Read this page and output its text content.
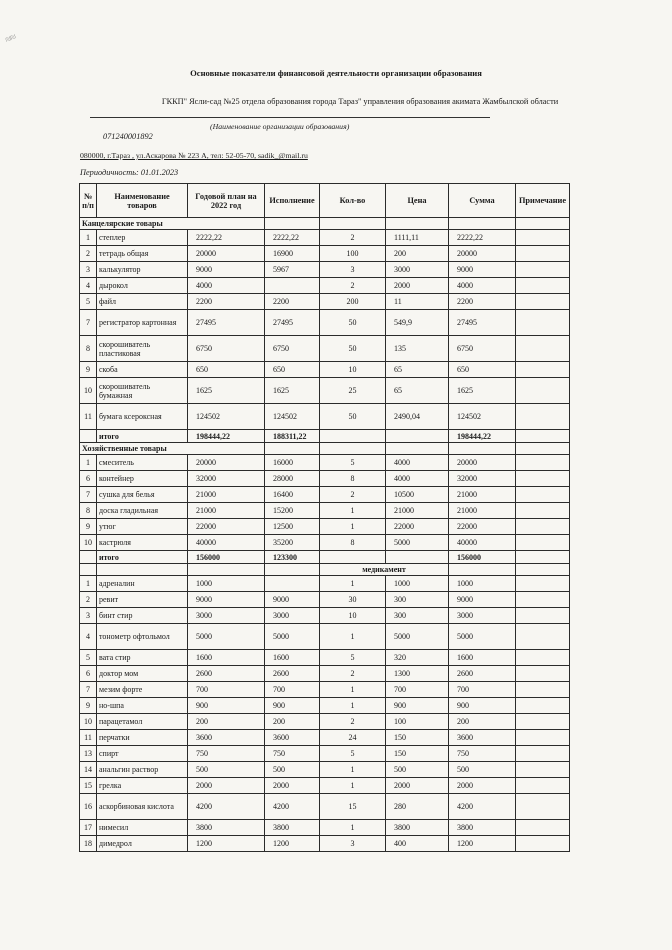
≈≈
Основные показатели финансовой деятельности организации образования
ГККП" Ясли-сад №25 отдела образования города Тараз" управления образования акимата Жамбылской области
(Наименование организации образования)
071240001892
080000, г.Тараз , ул.Аскарова № 223 А, тел: 52-05-70, sadik_@mail.ru
Периодичность: 01.01.2023
№ п/п	Наименование товаров	Годовой план на 2022 год	Исполнение	Кол-во	Цена	Сумма	Примечание
Канцелярские товары							
1	степлер	2222,22	2222,22	2	1111,11	2222,22	
2	тетрадь общая	20000	16900	100	200	20000	
3	калькулятор	9000	5967	3	3000	9000	
4	дырокол	4000		2	2000	4000	
5	файл	2200	2200	200	11	2200	
7	регистратор картонная	27495	27495	50	549,9	27495	
8	скорошиватель пластиковая	6750	6750	50	135	6750	
9	скоба	650	650	10	65	650	
10	скорошиватель бумажная	1625	1625	25	65	1625	
11	бумага ксероксная	124502	124502	50	2490,04	124502	
	итого	198444,22	188311,22			198444,22	
Хозяйственные товары							
1	смеситель	20000	16000	5	4000	20000	
6	контейнер	32000	28000	8	4000	32000	
7	сушка для белья	21000	16400	2	10500	21000	
8	доска гладильная	21000	15200	1	21000	21000	
9	утюг	22000	12500	1	22000	22000	
10	кастрюля	40000	35200	8	5000	40000	
	итого	156000	123300			156000	
				медикамент			
1	адреналин	1000		1	1000	1000	
2	ревит	9000	9000	30	300	9000	
3	бинт стир	3000	3000	10	300	3000	
4	тонометр офтольмол	5000	5000	1	5000	5000	
5	вата стир	1600	1600	5	320	1600	
6	доктор мом	2600	2600	2	1300	2600	
7	мезим форте	700	700	1	700	700	
9	но-шпа	900	900	1	900	900	
10	парацетамол	200	200	2	100	200	
11	перчатки	3600	3600	24	150	3600	
13	спирт	750	750	5	150	750	
14	анальгин раствор	500	500	1	500	500	
15	грелка	2000	2000	1	2000	2000	
16	аскорбиновая кислота	4200	4200	15	280	4200	
17	нимесил	3800	3800	1	3800	3800	
18	димедрол	1200	1200	3	400	1200	
